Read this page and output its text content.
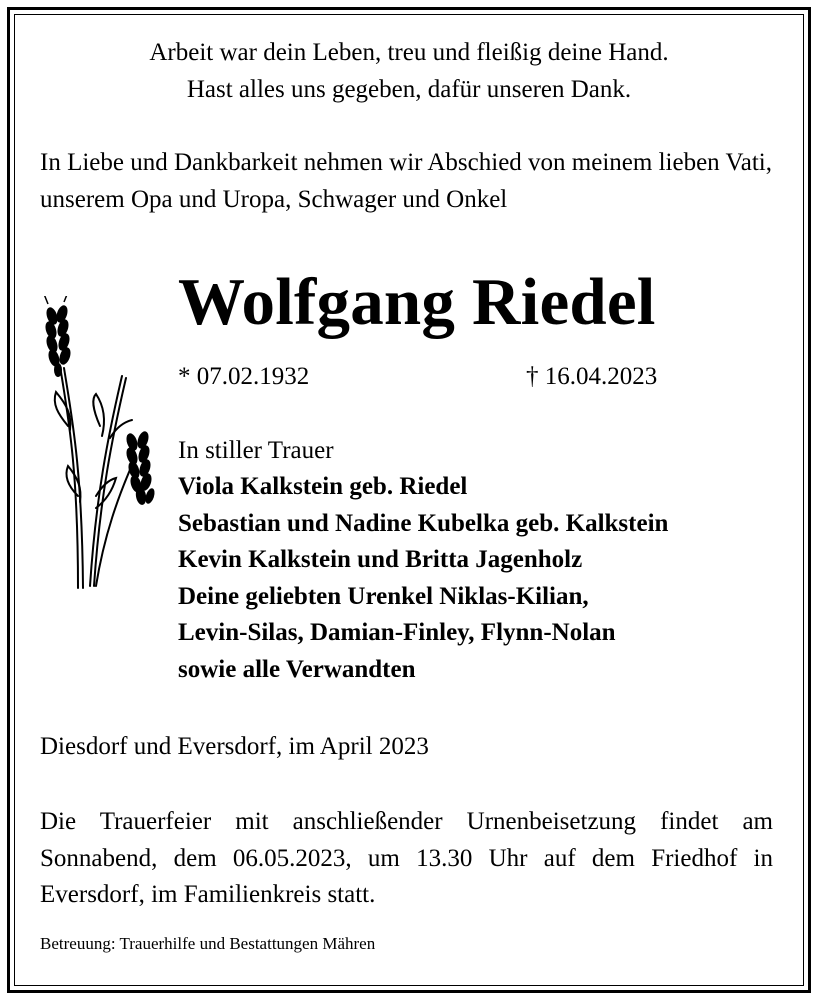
Arbeit war dein Leben, treu und fleißig deine Hand.
Hast alles uns gegeben, dafür unseren Dank.
In Liebe und Dankbarkeit nehmen wir Abschied von meinem lieben Vati, unserem Opa und Uropa, Schwager und Onkel
Wolfgang Riedel
* 07.02.1932	† 16.04.2023
In stiller Trauer
Viola Kalkstein geb. Riedel
Sebastian und Nadine Kubelka geb. Kalkstein
Kevin Kalkstein und Britta Jagenholz
Deine geliebten Urenkel Niklas-Kilian,
Levin-Silas, Damian-Finley, Flynn-Nolan
sowie alle Verwandten
Diesdorf und Eversdorf, im April 2023
Die Trauerfeier mit anschließender Urnenbeisetzung findet am Sonnabend, dem 06.05.2023, um 13.30 Uhr auf dem Friedhof in Eversdorf, im Familienkreis statt.
Betreuung: Trauerhilfe und Bestattungen Mähren
